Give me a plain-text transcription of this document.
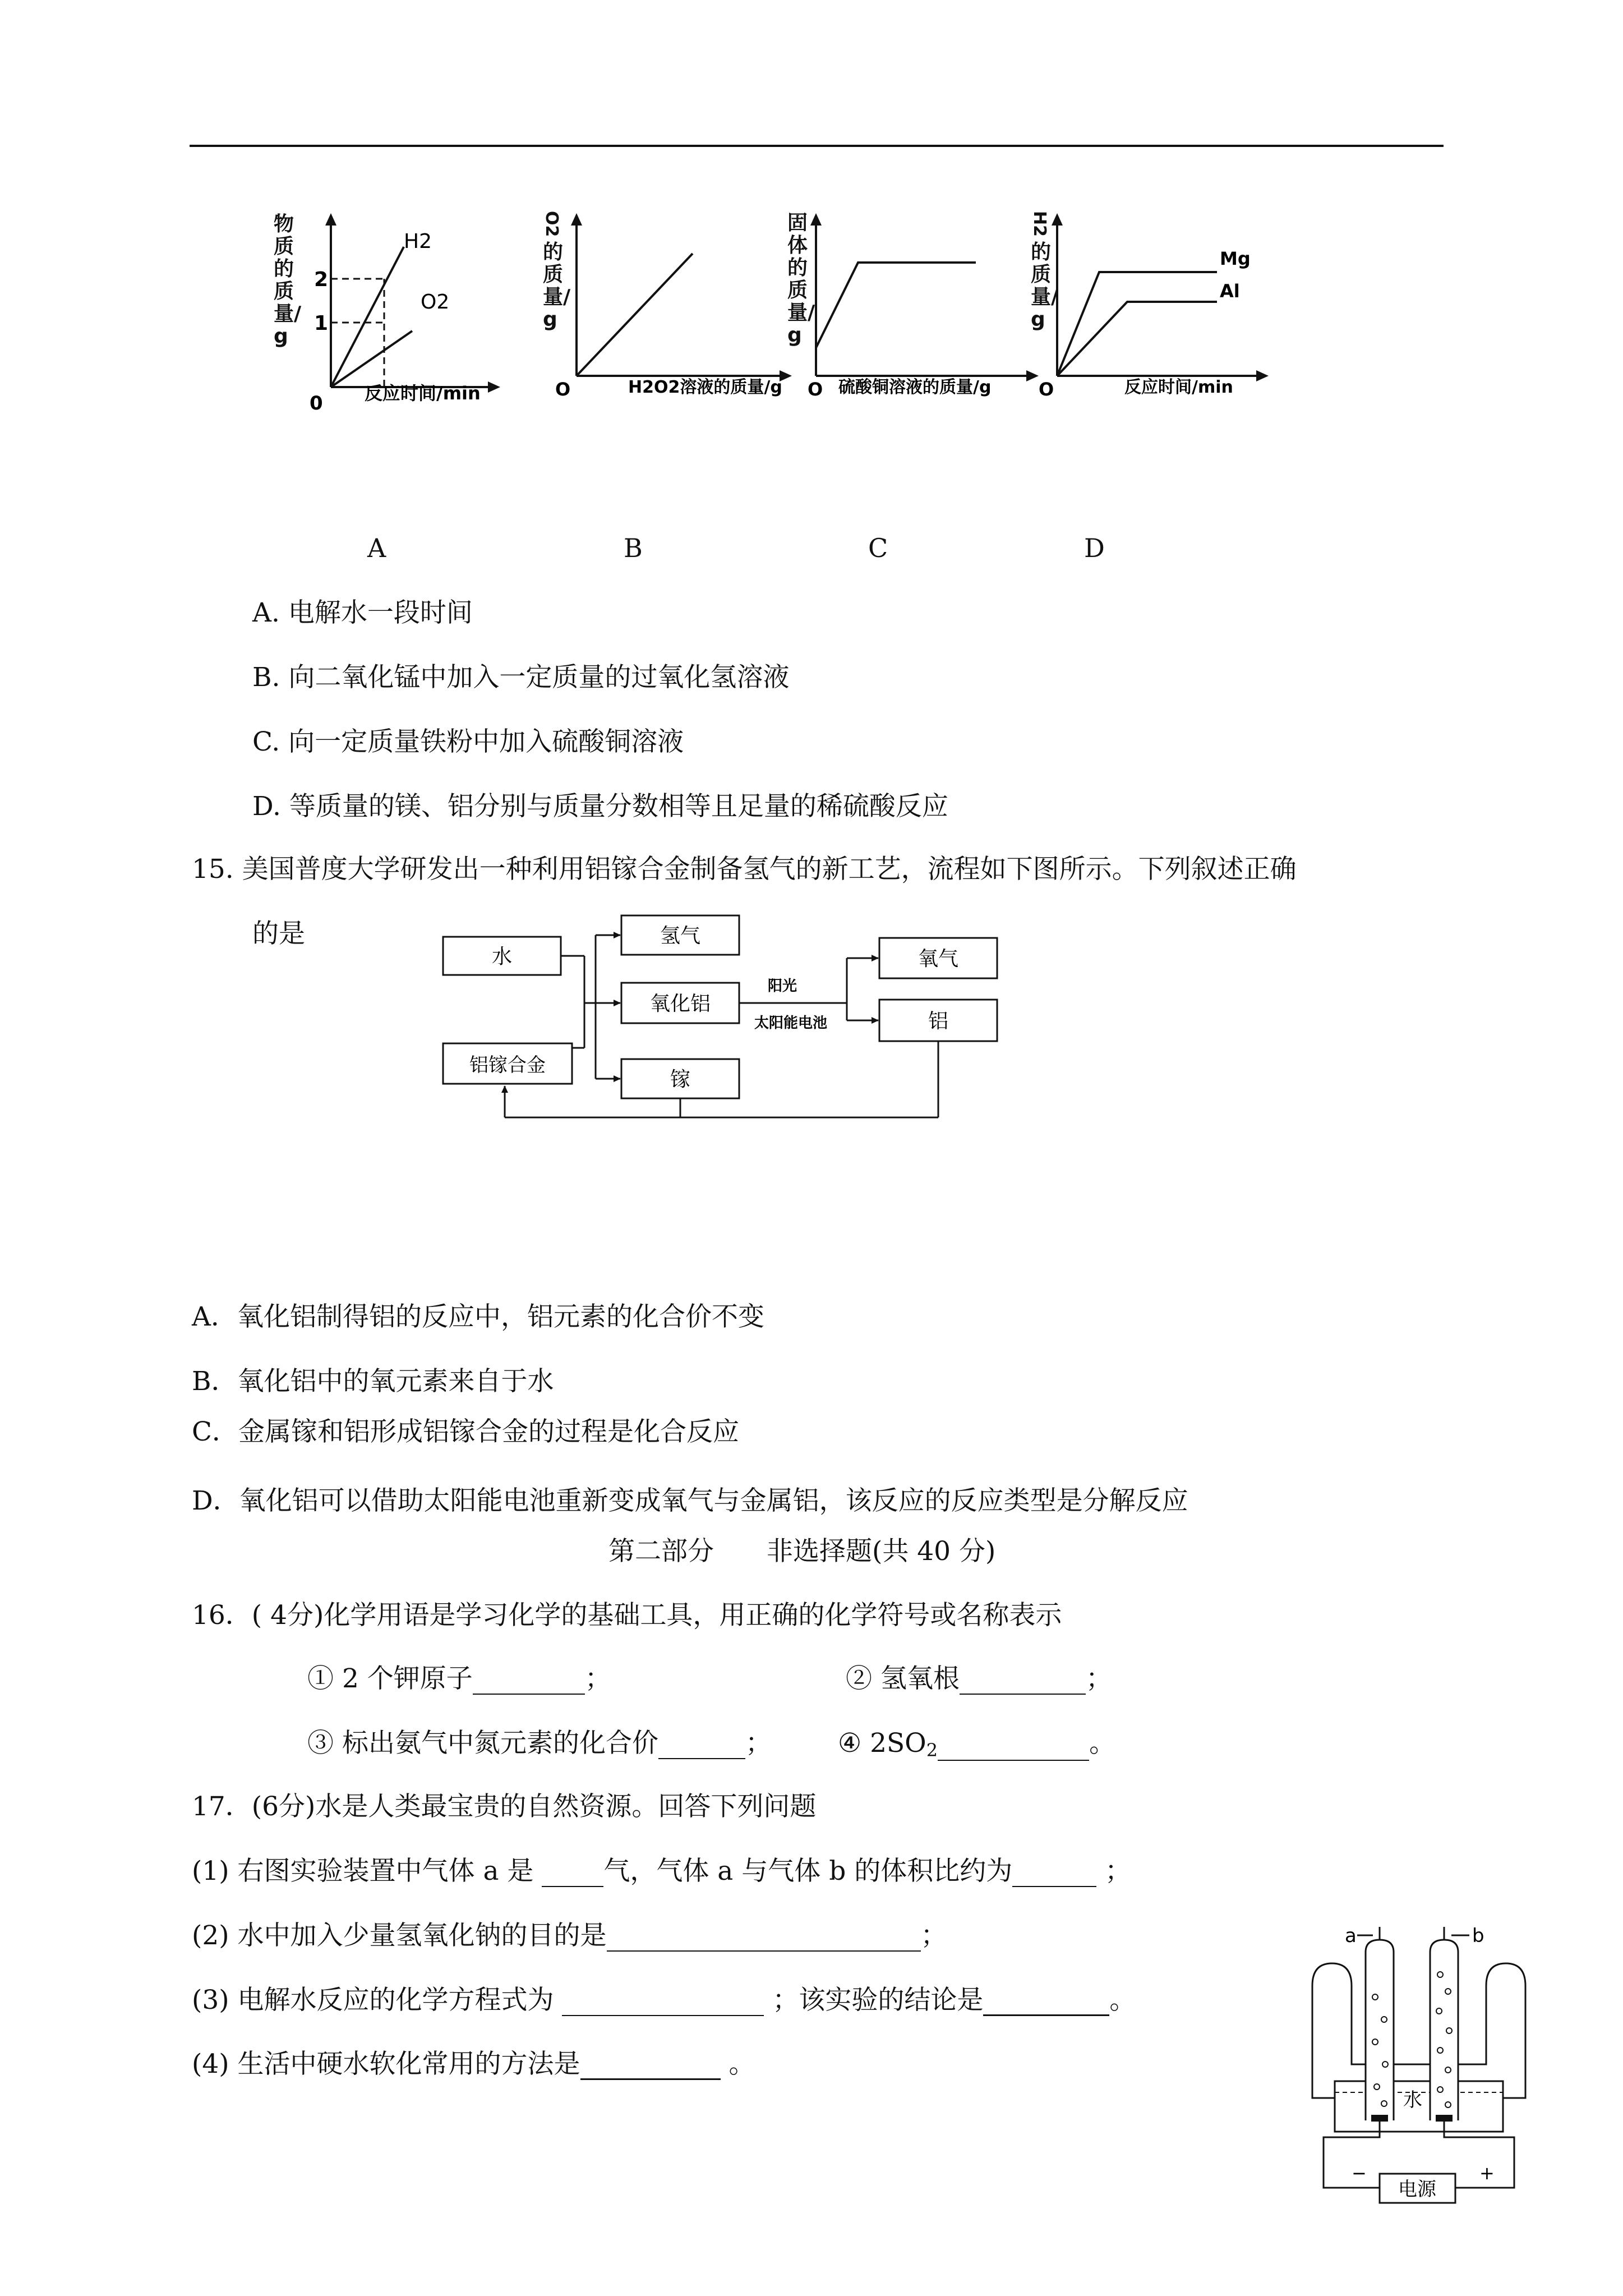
2
1
H2
O2
0 反应时间/min
物质的质量/g
O	H2O2溶液的质量/g
O2
的质量/g
O 硫酸铜溶液的质量/g
固体的质量/g
Mg
Al
O	反应时间/min
H2
的质量/g
A	B	C	D
A. 电解水一段时间
B. 向二氧化锰中加入一定质量的过氧化氢溶液
C. 向一定质量铁粉中加入硫酸铜溶液
D. 等质量的镁、铝分别与质量分数相等且足量的稀硫酸反应
15. 美国普度大学研发出一种利用铝镓合金制备氢气的新工艺，流程如下图所示。下列叙述正确
的是
水
铝镓合金
氢气
氧化铝
镓
氧气
铝
阳光
太阳能电池
A．氧化铝制得铝的反应中，铝元素的化合价不变
B．氧化铝中的氧元素来自于水
C．金属镓和铝形成铝镓合金的过程是化合反应
D．氧化铝可以借助太阳能电池重新变成氧气与金属铝，该反应的反应类型是分解反应
第二部分　　非选择题(共 40 分)
16．( 4分)化学用语是学习化学的基础工具，用正确的化学符号或名称表示
① 2 个钾原子	；	② 氢氧根	；
③ 标出氨气中氮元素的化合价	；	④ $2SO_2$	。
17．(6分)水是人类最宝贵的自然资源。回答下列问题
(1) 右图实验装置中气体 a 是 气，气体 a 与气体 b 的体积比约为	；
(2) 水中加入少量氢氧化钠的目的是	；
(3) 电解水反应的化学方程式为	；该实验的结论是	。
(4) 生活中硬水软化常用的方法是	。
a	b
水
电源
−	+
